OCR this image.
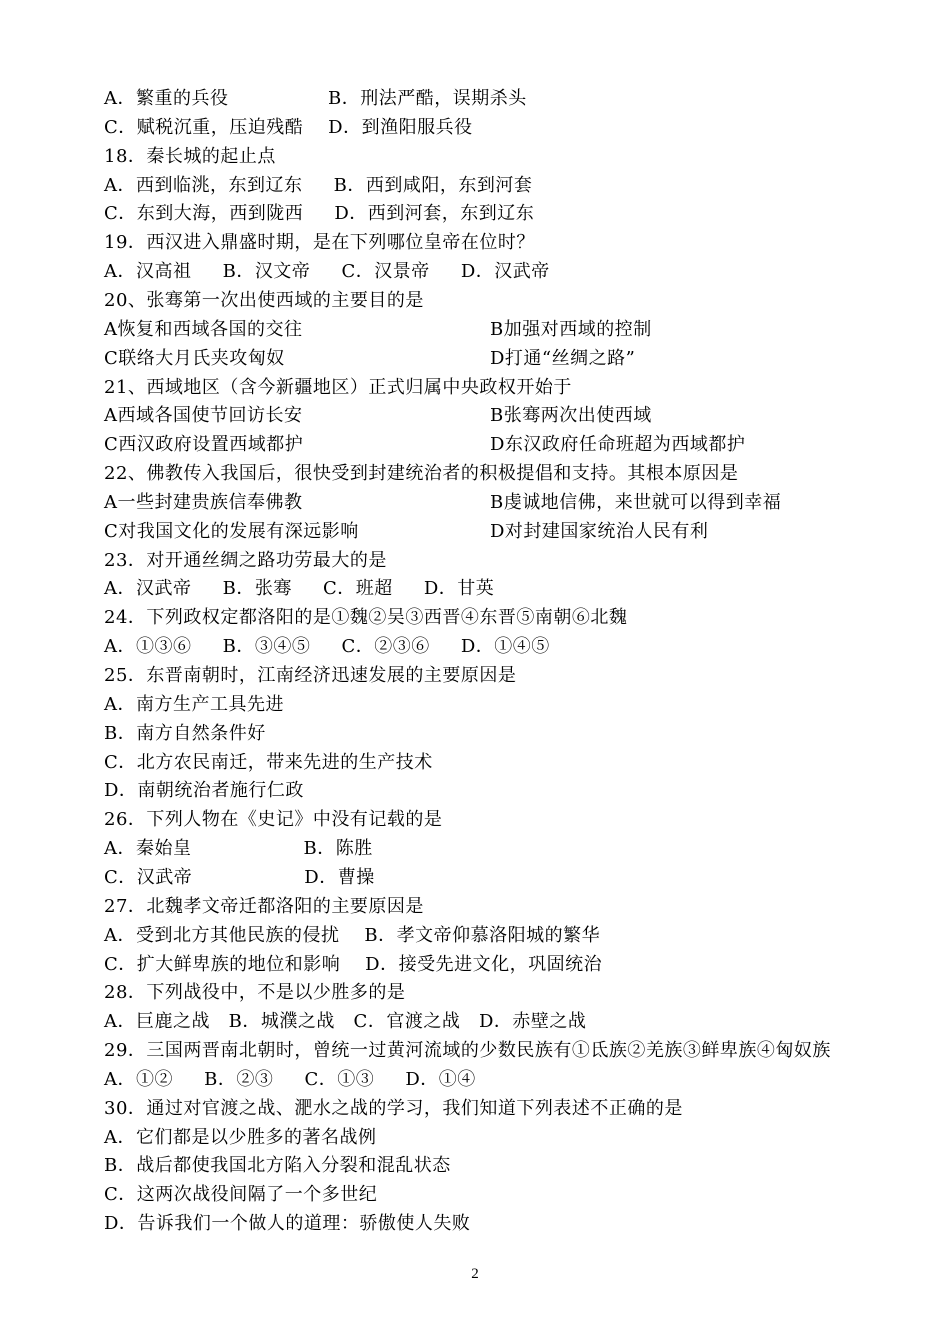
A．繁重的兵役                B．刑法严酷，误期杀头
C．赋税沉重，压迫残酷    D．到渔阳服兵役
18．秦长城的起止点
A．西到临洮，东到辽东     B．西到咸阳，东到河套
C．东到大海，西到陇西     D．西到河套，东到辽东
19．西汉进入鼎盛时期，是在下列哪位皇帝在位时？
A．汉高祖     B．汉文帝     C．汉景帝     D．汉武帝
20、张骞第一次出使西域的主要目的是
A恢复和西域各国的交往	B加强对西域的控制
C联络大月氏夹攻匈奴	D打通“丝绸之路”
21、西域地区（含今新疆地区）正式归属中央政权开始于
A西域各国使节回访长安	B张骞两次出使西域
C西汉政府设置西域都护	D东汉政府任命班超为西域都护
22、佛教传入我国后，很快受到封建统治者的积极提倡和支持。其根本原因是
A一些封建贵族信奉佛教	B虔诚地信佛，来世就可以得到幸福
C对我国文化的发展有深远影响	D对封建国家统治人民有利
23．对开通丝绸之路功劳最大的是
A．汉武帝     B．张骞     C．班超     D．甘英
24．下列政权定都洛阳的是①魏②吴③西晋④东晋⑤南朝⑥北魏
A．①③⑥     B．③④⑤     C．②③⑥     D．①④⑤
25．东晋南朝时，江南经济迅速发展的主要原因是
A．南方生产工具先进
B．南方自然条件好
C．北方农民南迁，带来先进的生产技术
D．南朝统治者施行仁政
26．下列人物在《史记》中没有记载的是
A．秦始皇                  B．陈胜
C．汉武帝                  D．曹操
27．北魏孝文帝迁都洛阳的主要原因是
A．受到北方其他民族的侵扰    B．孝文帝仰慕洛阳城的繁华
C．扩大鲜卑族的地位和影响    D．接受先进文化，巩固统治
28．下列战役中，不是以少胜多的是
A．巨鹿之战   B．城濮之战   C．官渡之战   D．赤壁之战
29．三国两晋南北朝时，曾统一过黄河流域的少数民族有①氐族②羌族③鲜卑族④匈奴族
A．①②     B．②③     C．①③     D．①④
30．通过对官渡之战、淝水之战的学习，我们知道下列表述不正确的是
A．它们都是以少胜多的著名战例
B．战后都使我国北方陷入分裂和混乱状态
C．这两次战役间隔了一个多世纪
D．告诉我们一个做人的道理：骄傲使人失败
2
